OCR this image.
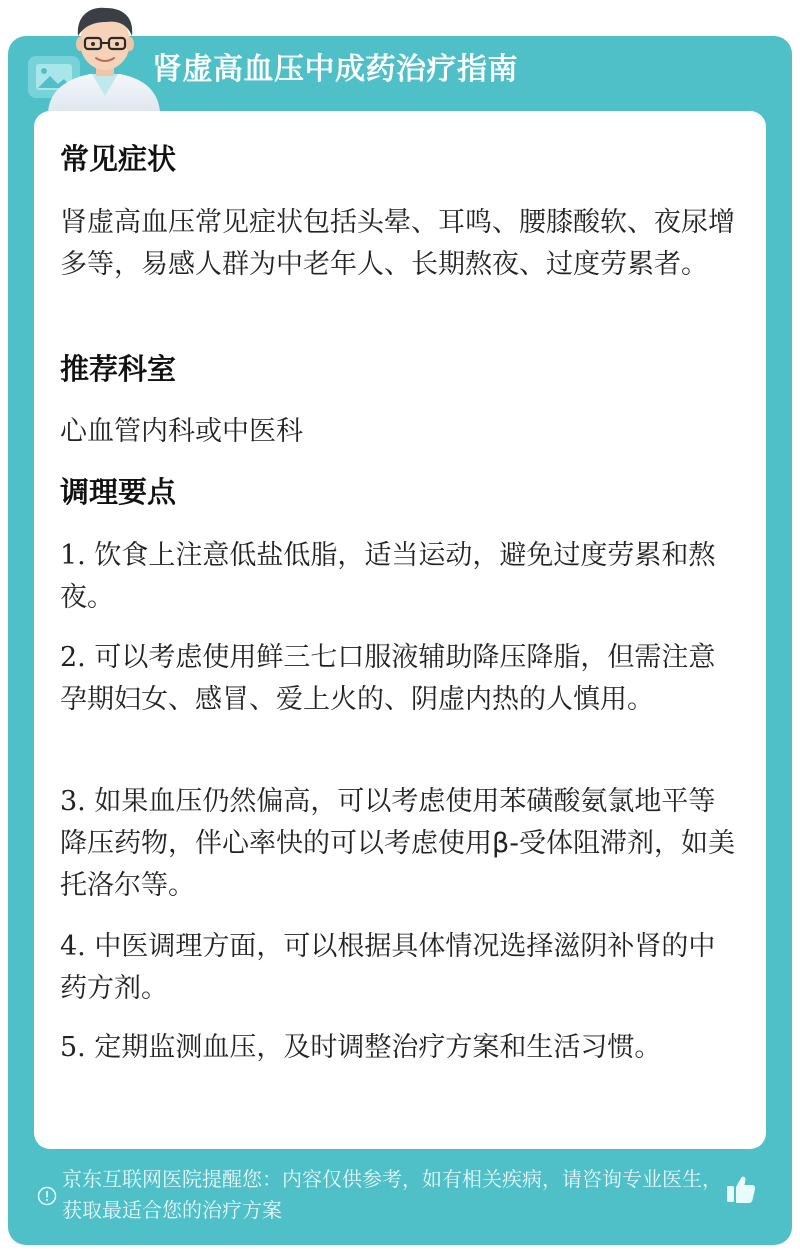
肾虚高血压中成药治疗指南
常见症状
肾虚高血压常见症状包括头晕、耳鸣、腰膝酸软、夜尿增多等，易感人群为中老年人、长期熬夜、过度劳累者。
推荐科室
心血管内科或中医科
调理要点
1. 饮食上注意低盐低脂，适当运动，避免过度劳累和熬夜。
2. 可以考虑使用鲜三七口服液辅助降压降脂，但需注意孕期妇女、感冒、爱上火的、阴虚内热的人慎用。
3. 如果血压仍然偏高，可以考虑使用苯磺酸氨氯地平等降压药物，伴心率快的可以考虑使用β-受体阻滞剂，如美托洛尔等。
4. 中医调理方面，可以根据具体情况选择滋阴补肾的中药方剂。
5. 定期监测血压，及时调整治疗方案和生活习惯。
京东互联网医院提醒您：内容仅供参考，如有相关疾病，请咨询专业医生，获取最适合您的治疗方案
